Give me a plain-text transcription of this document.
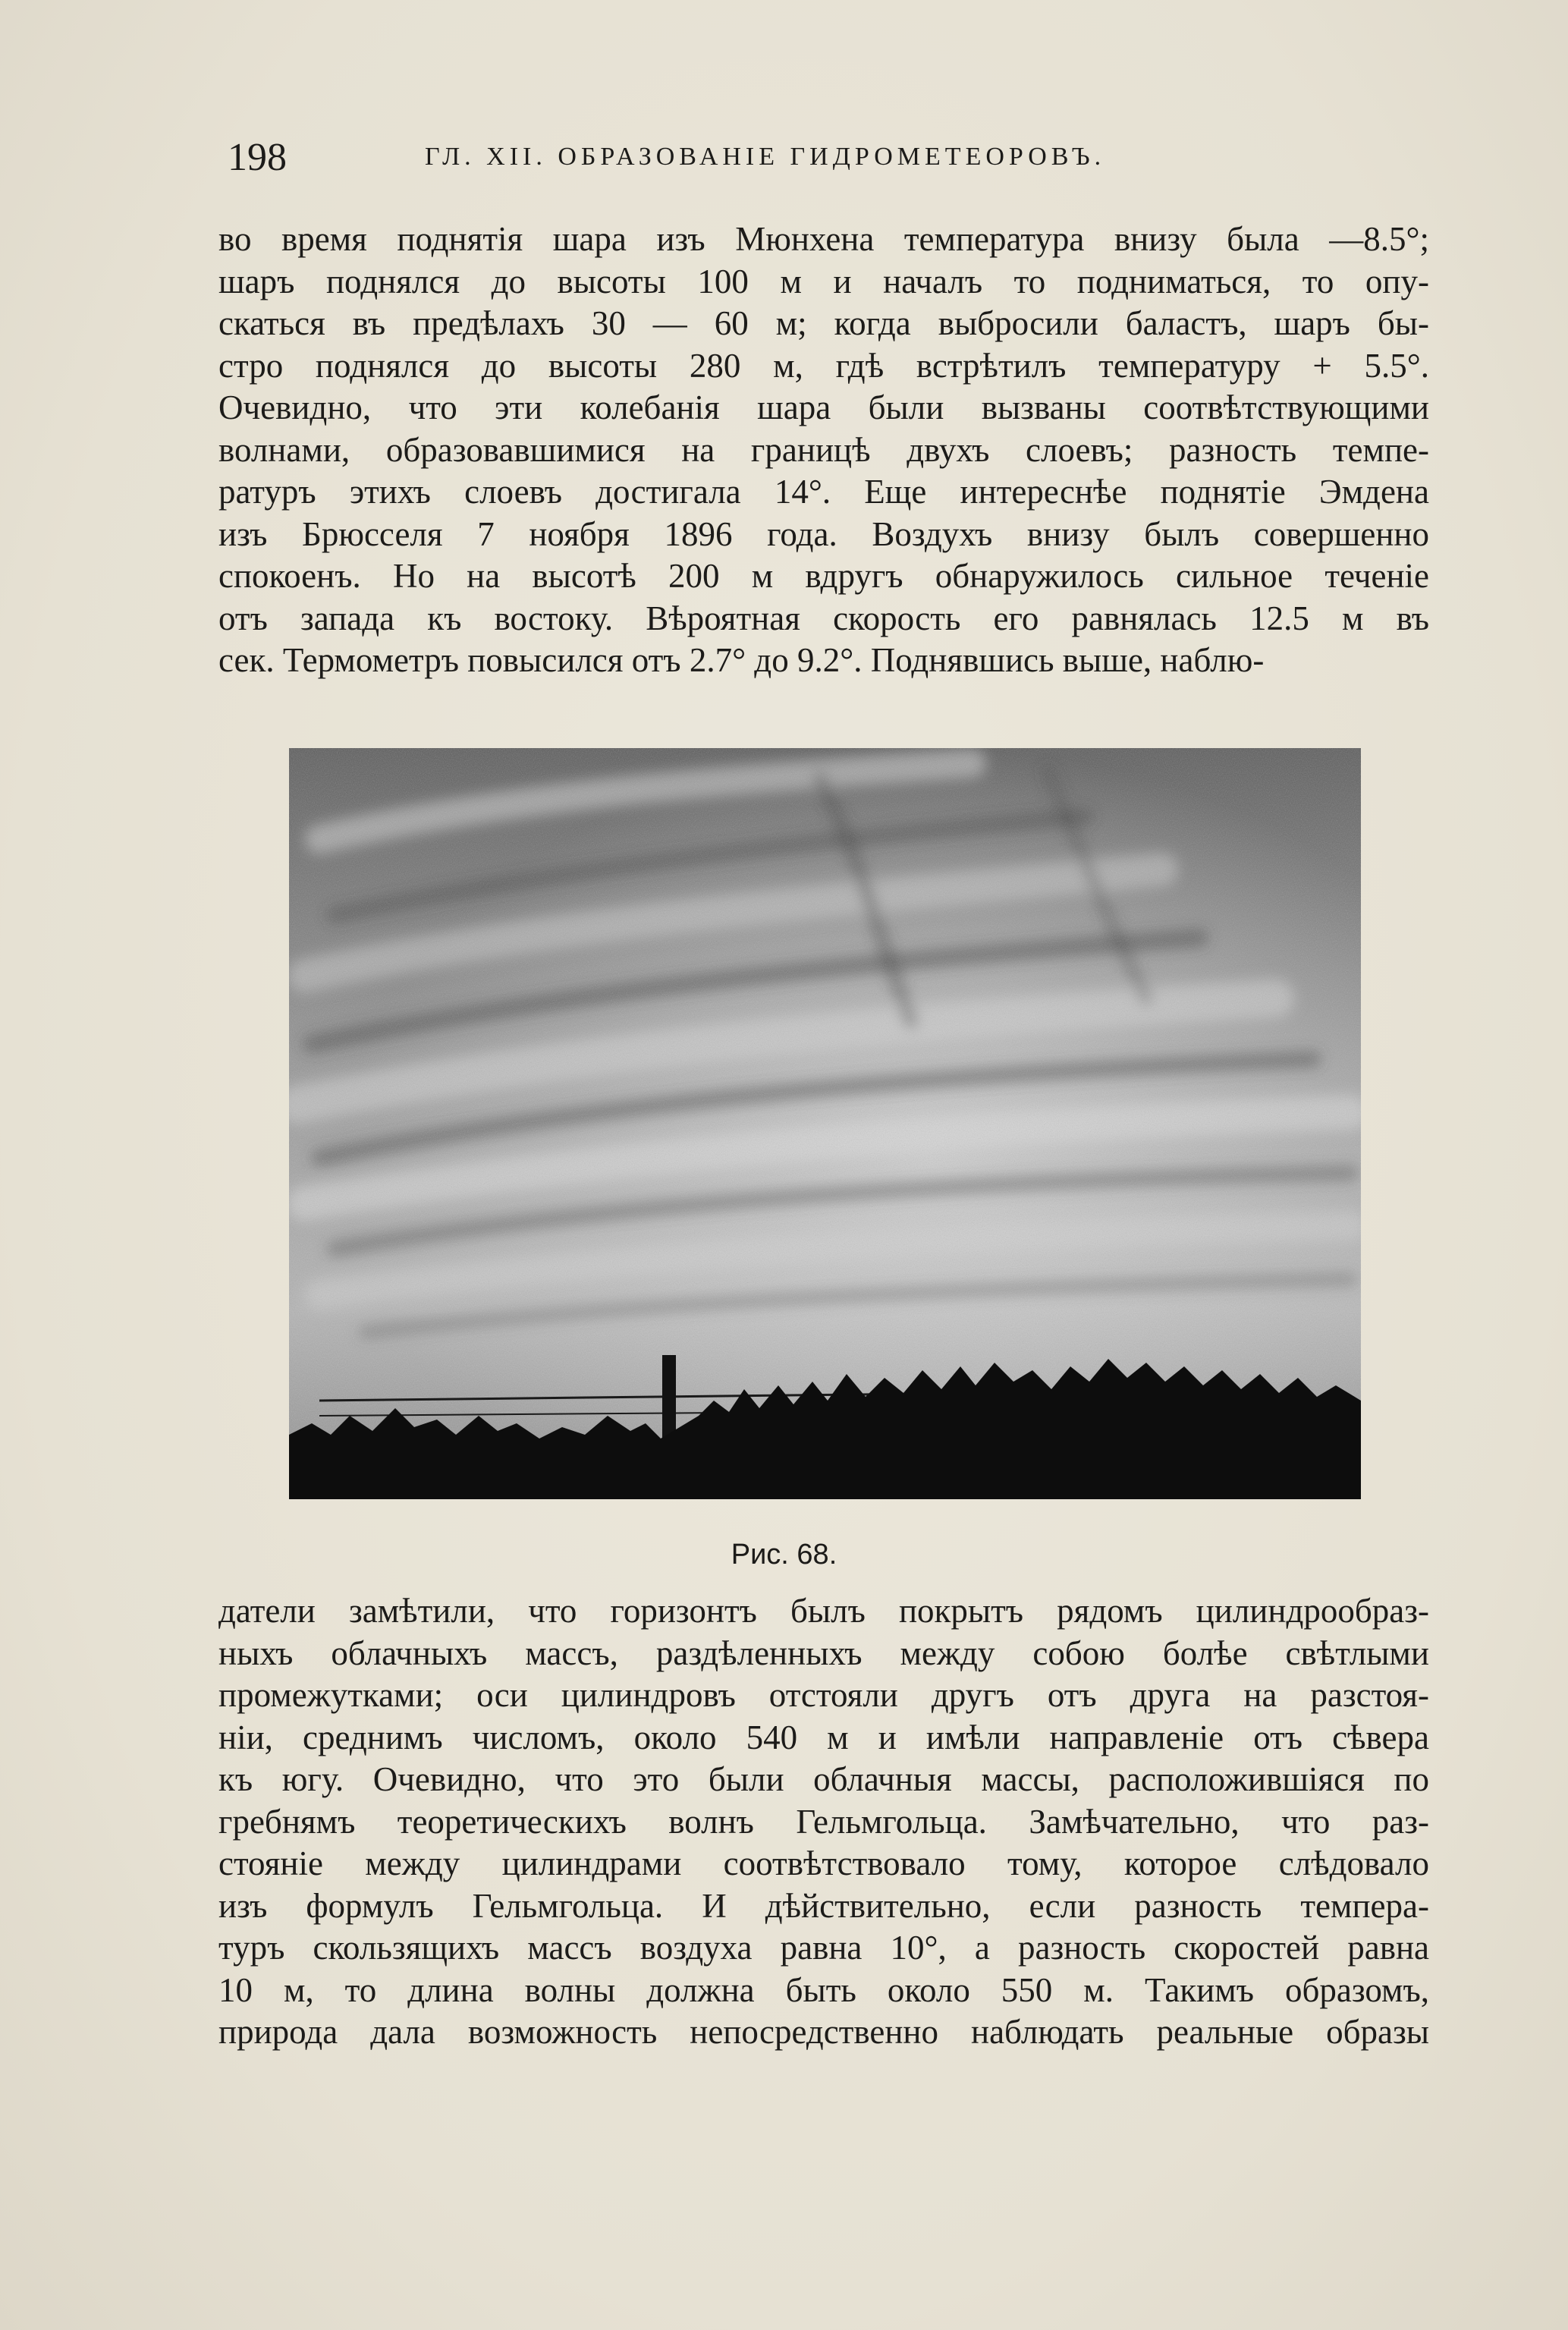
198	ГЛ. XII. ОБРАЗОВАНІЕ ГИДРОМЕТЕОРОВЪ.
во время поднятія шара изъ Мюнхена температура внизу была —8.5°;
шаръ поднялся до высоты 100 м и началъ то подниматься, то опу-
скаться въ предѣлахъ 30 — 60 м; когда выбросили баластъ, шаръ бы-
стро поднялся до высоты 280 м, гдѣ встрѣтилъ температуру + 5.5°.
Очевидно, что эти колебанія шара были вызваны соотвѣтствующими
волнами, образовавшимися на границѣ двухъ слоевъ; разность темпе-
ратуръ этихъ слоевъ достигала 14°. Еще интереснѣе поднятіе Эмдена
изъ Брюсселя 7 ноября 1896 года. Воздухъ внизу былъ совершенно
спокоенъ. Но на высотѣ 200 м вдругъ обнаружилось сильное теченіе
отъ запада къ востоку. Вѣроятная скорость его равнялась 12.5 м въ
сек. Термометръ повысился отъ 2.7° до 9.2°. Поднявшись выше, наблю-
Рис. 68.
датели замѣтили, что горизонтъ былъ покрытъ рядомъ цилиндрообраз-
ныхъ облачныхъ массъ, раздѣленныхъ между собою болѣе свѣтлыми
промежутками; оси цилиндровъ отстояли другъ отъ друга на разстоя-
ніи, среднимъ числомъ, около 540 м и имѣли направленіе отъ сѣвера
къ югу. Очевидно, что это были облачныя массы, расположившіяся по
гребнямъ теоретическихъ волнъ Гельмгольца. Замѣчательно, что раз-
стояніе между цилиндрами соотвѣтствовало тому, которое слѣдовало
изъ формулъ Гельмгольца. И дѣйствительно, если разность темпера-
туръ скользящихъ массъ воздуха равна 10°, а разность скоростей равна
10 м, то длина волны должна быть около 550 м. Такимъ образомъ,
природа дала возможность непосредственно наблюдать реальные образы
